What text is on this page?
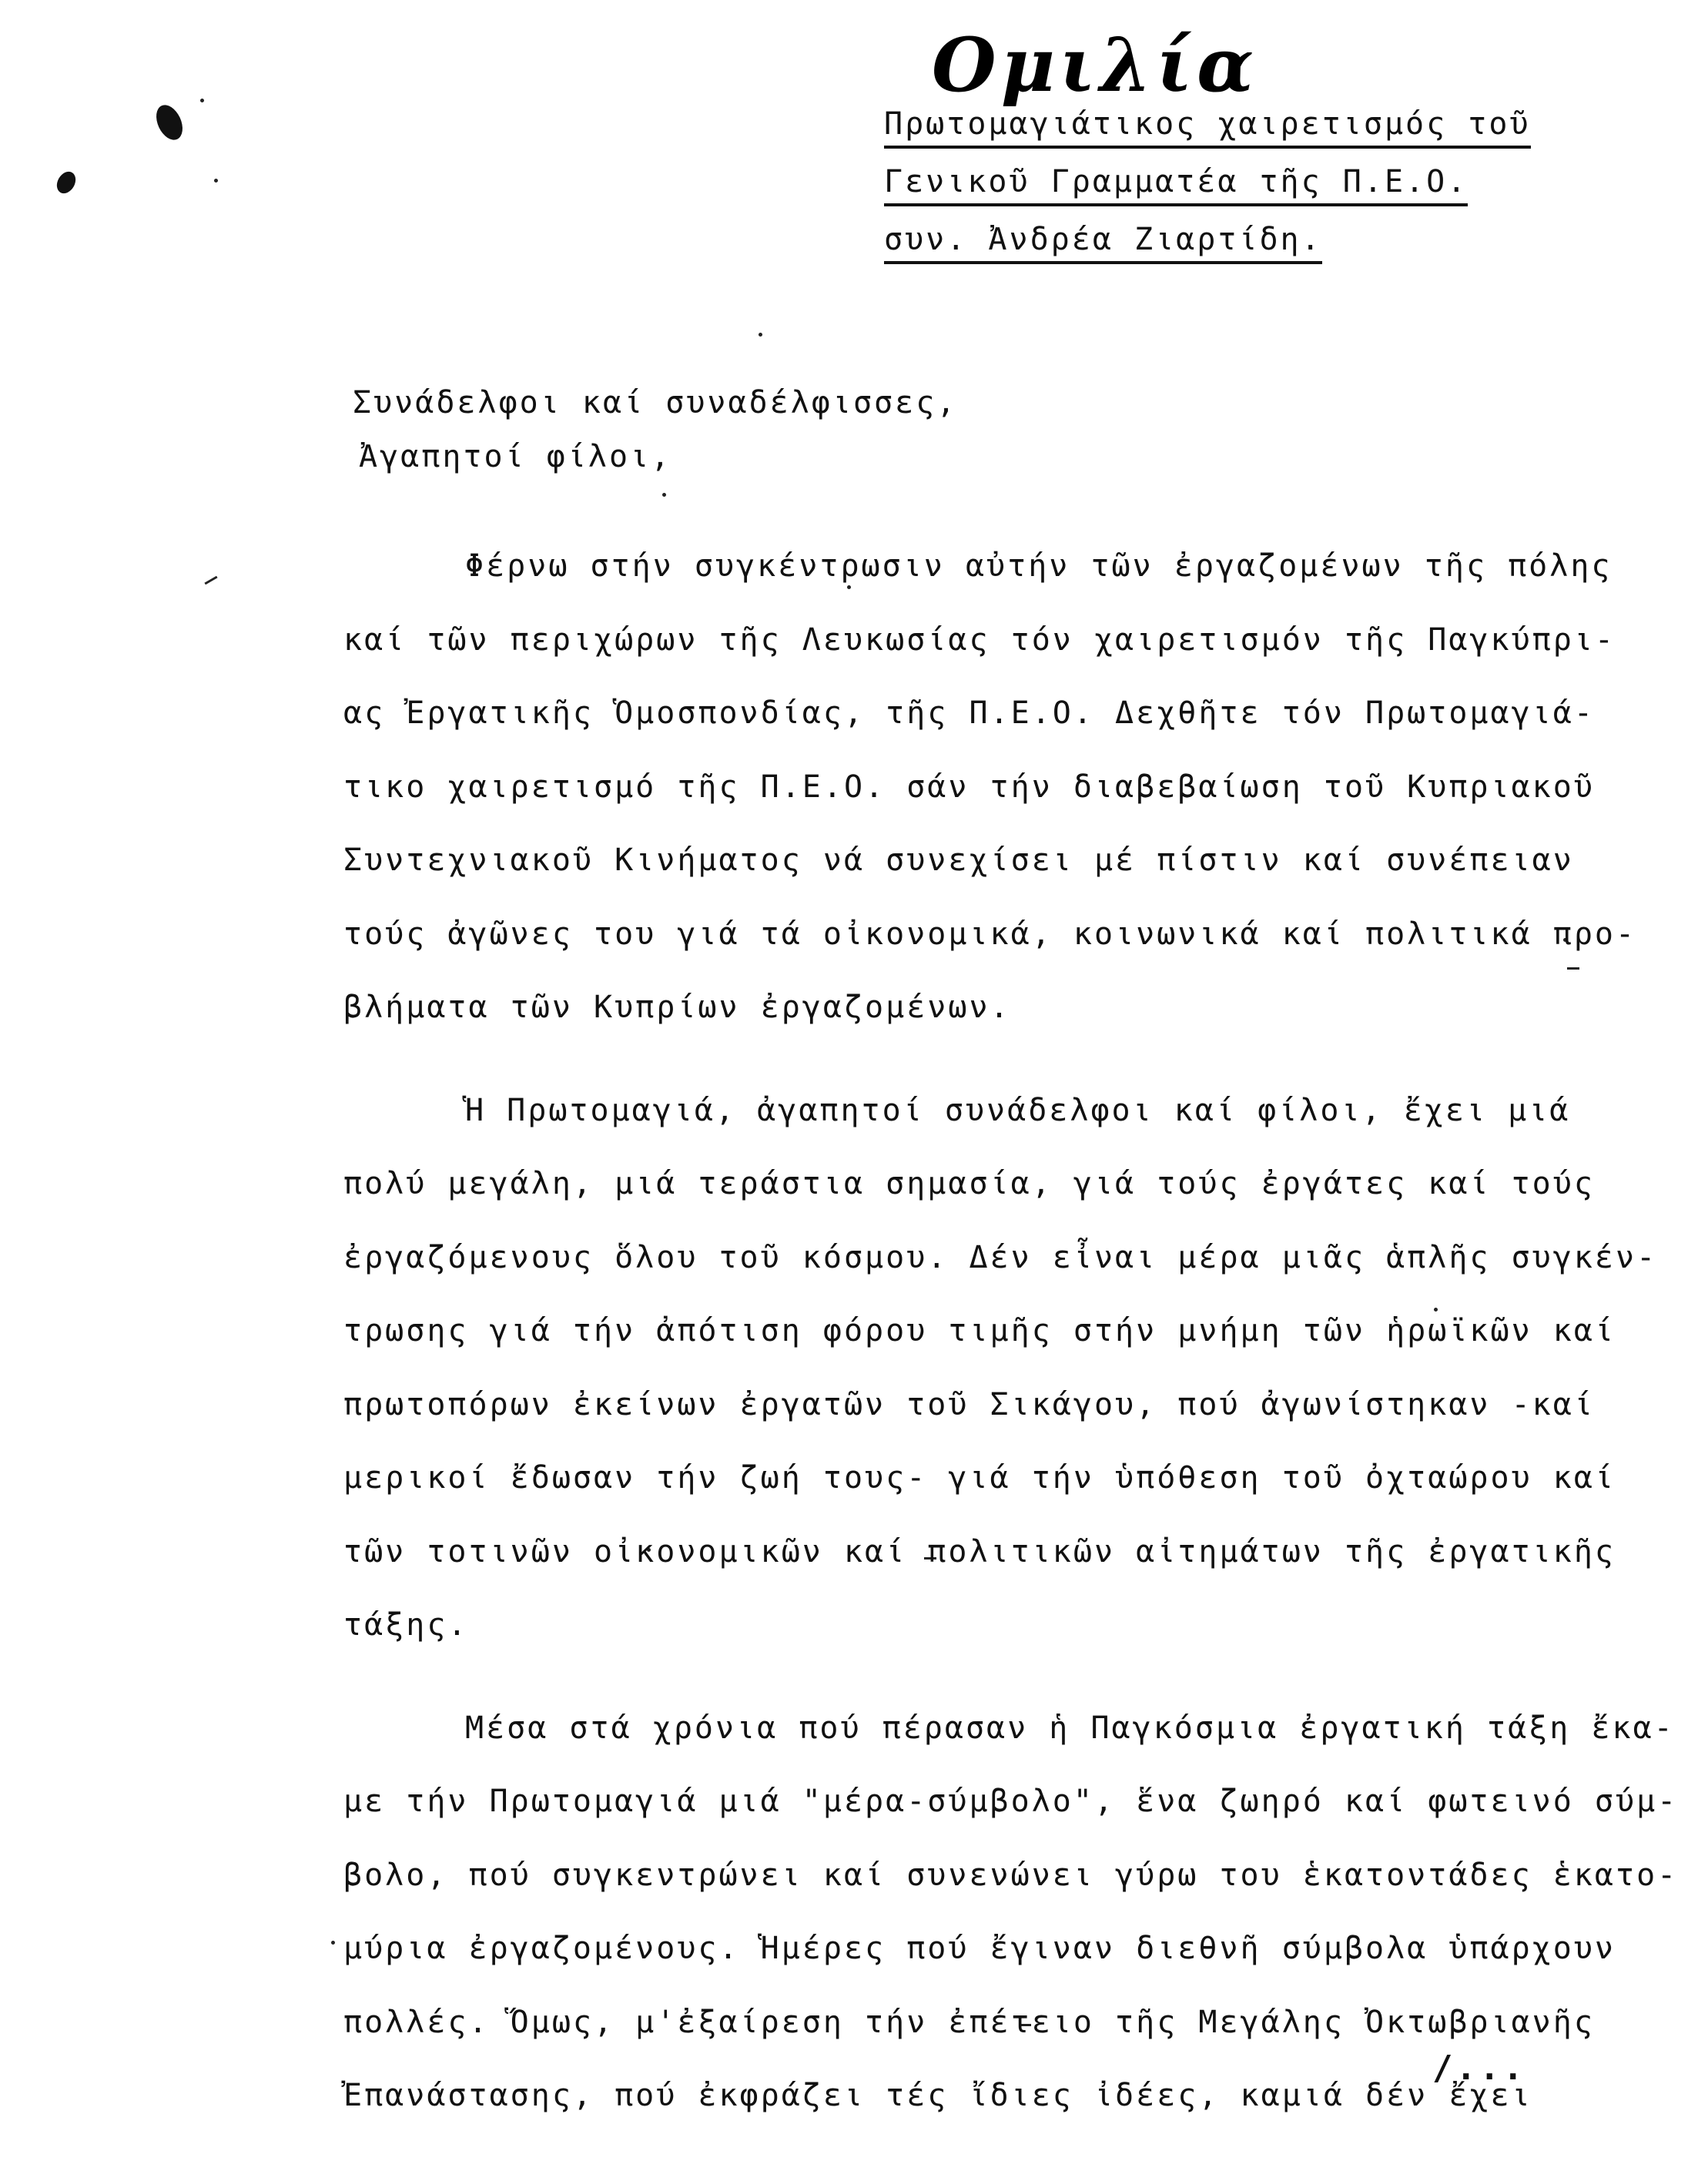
Ομιλία
Πρωτομαγιάτικος χαιρετισμός τοῦ
Γενικοῦ Γραμματέα τῆς Π.Ε.Ο.
συν. Ἀνδρέα Ζιαρτίδη.
Συνάδελφοι καί συναδέλφισσες,
Ἀγαπητοί φίλοι,
Φέρνω στήν συγκέντρωσιν αὐτήν τῶν ἐργαζομένων τῆς πόλης
καί τῶν περιχώρων τῆς Λευκωσίας τόν χαιρετισμόν τῆς Παγκύπρι-
ας Ἐργατικῆς Ὁμοσπονδίας, τῆς Π.Ε.Ο. Δεχθῆτε τόν Πρωτομαγιά-
τικο χαιρετισμό τῆς Π.Ε.Ο. σάν τήν διαβεβαίωση τοῦ Κυπριακοῦ
Συντεχνιακοῦ Κινήματος νά συνεχίσει μέ πίστιν καί συνέπειαν
τούς ἀγῶνες του γιά τά οἰκονομικά, κοινωνικά καί πολιτικά προ-
βλήματα τῶν Κυπρίων ἐργαζομένων.
Ἡ Πρωτομαγιά, ἀγαπητοί συνάδελφοι καί φίλοι, ἔχει μιά
πολύ μεγάλη, μιά τεράστια σημασία, γιά τούς ἐργάτες καί τούς
ἐργαζόμενους ὅλου τοῦ κόσμου. Δέν εἶναι μέρα μιᾶς ἁπλῆς συγκέν-
τρωσης γιά τήν ἀπότιση φόρου τιμῆς στήν μνήμη τῶν ἡρωϊκῶν καί
πρωτοπόρων ἐκείνων ἐργατῶν τοῦ Σικάγου, πού ἀγωνίστηκαν -καί
μερικοί ἔδωσαν τήν ζωή τους- γιά τήν ὑπόθεση τοῦ ὀχταώρου καί
τῶν τοτινῶν οἰκονομικῶν καί πολιτικῶν αἰτημάτων τῆς ἐργατικῆς
τάξης.
Μέσα στά χρόνια πού πέρασαν ἡ Παγκόσμια ἐργατική τάξη ἔκα-
με τήν Πρωτομαγιά μιά "μέρα-σύμβολο", ἕνα ζωηρό καί φωτεινό σύμ-
βολο, πού συγκεντρώνει καί συνενώνει γύρω του ἑκατοντάδες ἑκατο-
μύρια ἐργαζομένους. Ἡμέρες πού ἔγιναν διεθνῆ σύμβολα ὑπάρχουν
πολλές. Ὅμως, μ'ἐξαίρεση τήν ἐπέτειο τῆς Μεγάλης Ὀκτωβριανῆς
Ἐπανάστασης, πού ἐκφράζει τές ἴδιες ἰδέες, καμιά δέν ἔχει
/...
